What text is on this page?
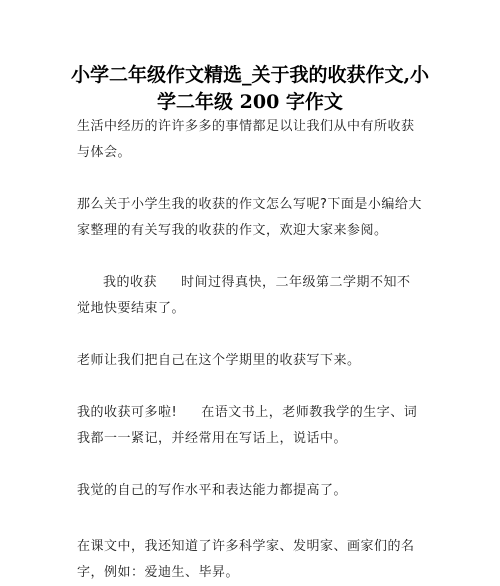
小学二年级作文精选_关于我的收获作文,小学二年级 200 字作文

生活中经历的许许多多的事情都足以让我们从中有所收获与体会。

那么关于小学生我的收获的作文怎么写呢?下面是小编给大家整理的有关写我的收获的作文，欢迎大家来参阅。

我的收获 时间过得真快，二年级第二学期不知不觉地快要结束了。

老师让我们把自己在这个学期里的收获写下来。

我的收获可多啦! 在语文书上，老师教我学的生字、词我都一一紧记，并经常用在写话上，说话中。

我觉的自己的写作水平和表达能力都提高了。

在课文中，我还知道了许多科学家、发明家、画家们的名字，例如：爱迪生、毕昇。
